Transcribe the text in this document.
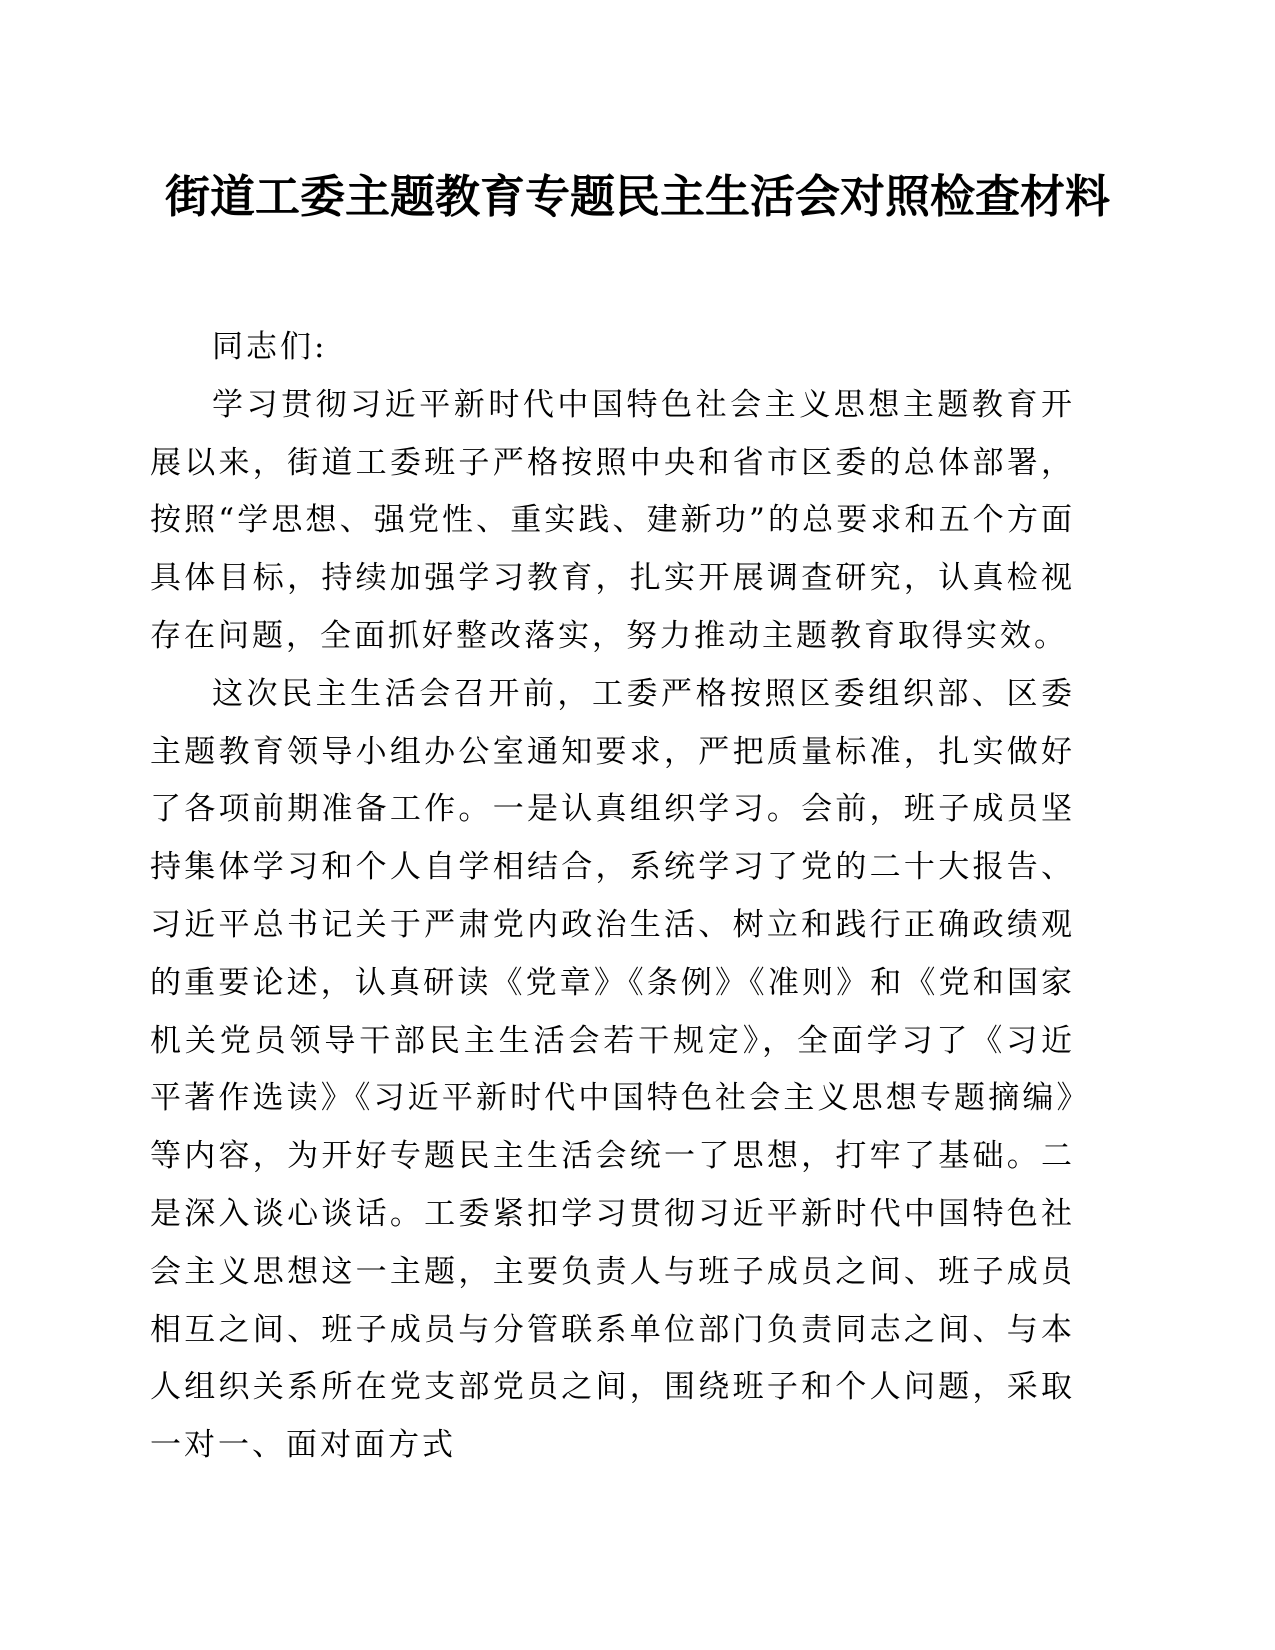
街道工委主题教育专题民主生活会对照检查材料

同志们:

学习贯彻习近平新时代中国特色社会主义思想主题教育开展以来，街道工委班子严格按照中央和省市区委的总体部署，按照“学思想、强党性、重实践、建新功”的总要求和五个方面具体目标，持续加强学习教育，扎实开展调查研究，认真检视存在问题，全面抓好整改落实，努力推动主题教育取得实效。

这次民主生活会召开前，工委严格按照区委组织部、区委主题教育领导小组办公室通知要求，严把质量标准，扎实做好了各项前期准备工作。一是认真组织学习。会前，班子成员坚持集体学习和个人自学相结合，系统学习了党的二十大报告、习近平总书记关于严肃党内政治生活、树立和践行正确政绩观的重要论述，认真研读《党章》《条例》《准则》和《党和国家机关党员领导干部民主生活会若干规定》，全面学习了《习近平著作选读》《习近平新时代中国特色社会主义思想专题摘编》等内容，为开好专题民主生活会统一了思想，打牢了基础。二是深入谈心谈话。工委紧扣学习贯彻习近平新时代中国特色社会主义思想这一主题，主要负责人与班子成员之间、班子成员相互之间、班子成员与分管联系单位部门负责同志之间、与本人组织关系所在党支部党员之间，围绕班子和个人问题，采取一对一、面对面方式
